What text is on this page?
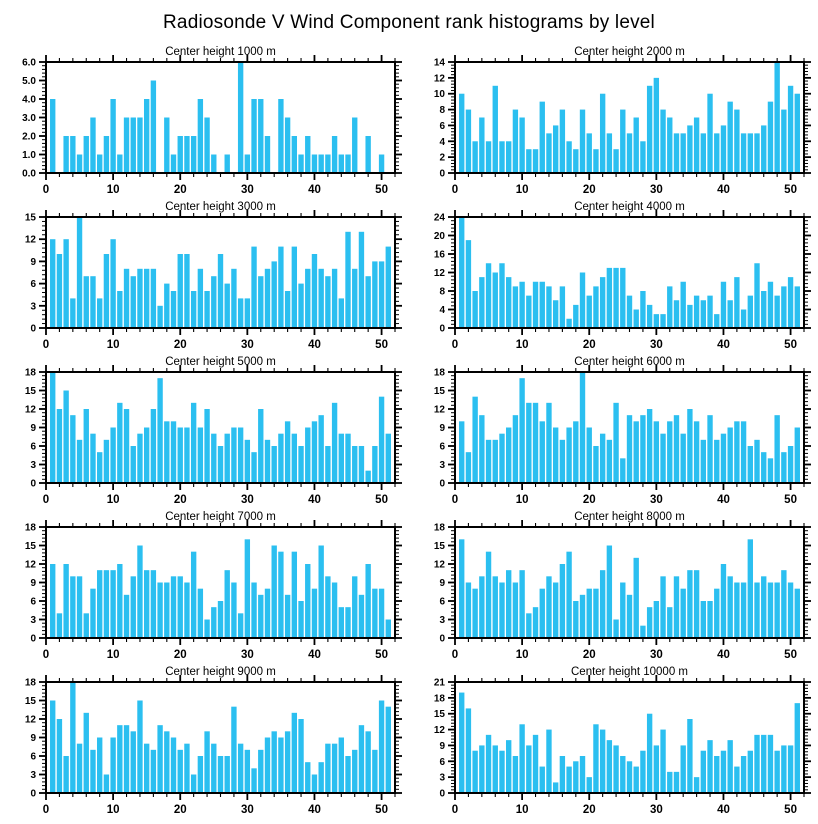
Radiosonde V Wind Component rank histograms by level
0	10	20	30	40	50
0.0
1.0
2.0
3.0
4.0
5.0
6.0
Center height 1000 m
0	10	20	30	40	50
0
2
4
6
8
10
12
14
Center height 2000 m
0	10	20	30	40	50
0
3
6
9
12
15
Center height 3000 m
0	10	20	30	40	50
0
4
8
12
16
20
24
Center height 4000 m
0	10	20	30	40	50
0
3
6
9
12
15
18
Center height 5000 m
0	10	20	30	40	50
0
3
6
9
12
15
18
Center height 6000 m
0	10	20	30	40	50
0
3
6
9
12
15
18
Center height 7000 m
0	10	20	30	40	50
0
3
6
9
12
15
18
Center height 8000 m
0	10	20	30	40	50
0
3
6
9
12
15
18
Center height 9000 m
0	10	20	30	40	50
0
3
6
9
12
15
18
21
Center height 10000 m
